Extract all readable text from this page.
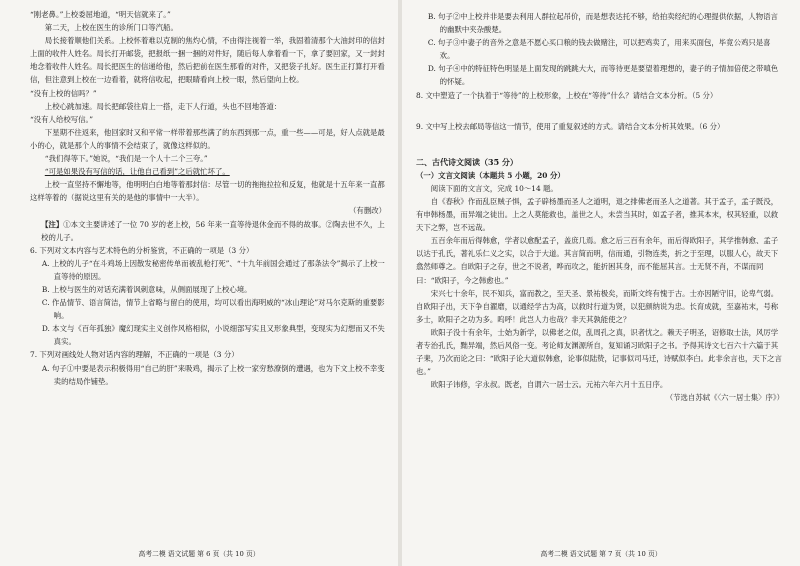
“刚老鼻。”上校委屈地道，“明天信就来了。”

第二天，上校在医生的诊所门口等汽船。

局长接着顺他们关系。上校怀着难以克制的焦灼心情，不由得注视着一举，我固着清那个大油封印的信封上面的收件人姓名。局长打开邮袋，把报纸一捆一捆的对件好，随后每人拿着看一下，拿了要回家，又一封封地念着收件人姓名。局长把医生的信递给他，然后把前在医生那看的对件，又把袋子扎好。医生正打算打开看信，但注意到上校在一边看着，就将信收起，把眼睛看向上校一眼，然后望向上校。

“没有上校的信吗？”

上校心跳加速。局长把邮袋往肩上一搭，走下人行道，头也不回地答道：

“没有人给校写信。”

下星期不往返来，他回家时又和平常一样带着那些满了的东西到那一点，重一些——可是，好人点就是最小的心，就是那个人的事情不会结束了，就像这样似的。

“我们得等下。”她说，“我们是一个人十二个三夸。”

“可是如果没有写信的话，让他自己看到”之后就忙坏了。

上校一直坚持不懈地等，他明明白白地等着那封信：尽管一切的拖拖拉拉和反复，他就是十五年来一直都这样等着的（据说这里有关的是他的事情中一大半）。

（有删改）

【注】①本文主要讲述了一位 70 岁的老上校，56 年来一直等待退休金而不得的故事。②陶去世不久，上校的儿子。

6. 下列对文本内容与艺术特色的分析鉴赏，不正确的一项是（3 分）

A. 上校的儿子“在斗鸡场上因散发秘密传单而被乱枪打死”、“十九年前国会通过了那条法令”揭示了上校一直等待的原因。

B. 上校与医生的对话充满着讽刺意味，从侧面展现了上校心境。

C. 作品情节、语言简洁，情节上省略与留白的使用，均可以看出海明威的“冰山理论”对马尔克斯的重要影响。

D. 本文与《百年孤独》魔幻现实主义创作风格相似，小说细部写实且又形象典型，变现实为幻想而又不失真实。

7. 下列对画线处人物对话内容的理解，不正确的一项是（3 分）

A. 句子①中要是表示积极得用“自己的肝”来吸鸡，揭示了上校一家穷愁潦倒的遭遇，也为下文上校不幸变卖的结局作铺垫。

高考二模 语文试题 第 6 页（共 10 页）

B. 句子②中上校并非是要去利用人群拉起吊价，而是想表达托不够，给拍卖经纪的心理提供依据，人物语言的幽默中夹杂酸楚。

C. 句子③中妻子的音外之意是不愿心买口粮的钱去做赌注，可以把鸡卖了，用来买面包，毕竟公鸡只是喜欢。

D. 句子④中的特征特色明显是上面发现的跳跳大大，而等待更是要望着理想的，妻子的子情加倍使之带嗔色的怀疑。

8. 文中塑造了一个执着于“等待”的上校形象，上校在“等待”什么？请结合文本分析。（5 分）

9. 文中写上校去邮局等信这一情节，使用了重复叙述的方式。请结合文本分析其效果。（6 分）

二、古代诗文阅读（35 分）

（一）文言文阅读（本题共 5 小题，20 分）

阅读下面的文言文，完成 10～14 题。

自《春秋》作而乱臣贼子惧，孟子辟杨墨而圣人之道明，退之排佛老而圣人之道著。其于孟子，孟子既没，有申韩杨墨，而异端之徒出。上之人莫能救也，盖世之人，未尝当其时，如孟子者，推其本末，权其轻重，以救天下之弊，岂不远哉。

五百余年而后得韩愈，学者以愈配孟子，盖庶几焉。愈之后三百有余年，而后得欧阳子，其学推韩愈、孟子以达于孔氏，著礼乐仁义之实，以合于大道。其言简而明，信而通，引物连类，折之于至理，以服人心，故天下翕然师尊之。自欧阳子之存，世之不说者，哗而攻之，能折困其身，而不能屈其言。士无贤不肖，不谋而同曰：“欧阳子，今之韩愈也。”

宋兴七十余年，民不知兵，富而教之，至天圣、景祐极矣，而斯文终有愧于古。士亦因陋守旧，论卑气弱。自欧阳子出，天下争自濯磨，以通经学古为高，以救时行道为贤，以犯颜纳说为忠。长育成就，至嘉祐末，号称多士，欧阳子之功为多。呜呼！此岂人力也哉？非天其孰能使之？

欧阳子没十有余年，士始为新学，以佛老之似，乱周孔之真，识者忧之。赖天子明圣，诏修取士法，风厉学者专治孔氏，黜异端，然后风俗一变。考论师友渊源所自，复知诵习欧阳子之书。予得其诗文七百六十六篇于其子棐，乃次而论之曰：“欧阳子论大道似韩愈，论事似陆贽，记事似司马迁，诗赋似李白。此非余言也，天下之言也。”

欧阳子讳修，字永叔。既老，自谓六一居士云。元祐六年六月十五日序。

（节选自苏轼《〈六一居士集〉序》）

高考二模 语文试题 第 7 页（共 10 页）
